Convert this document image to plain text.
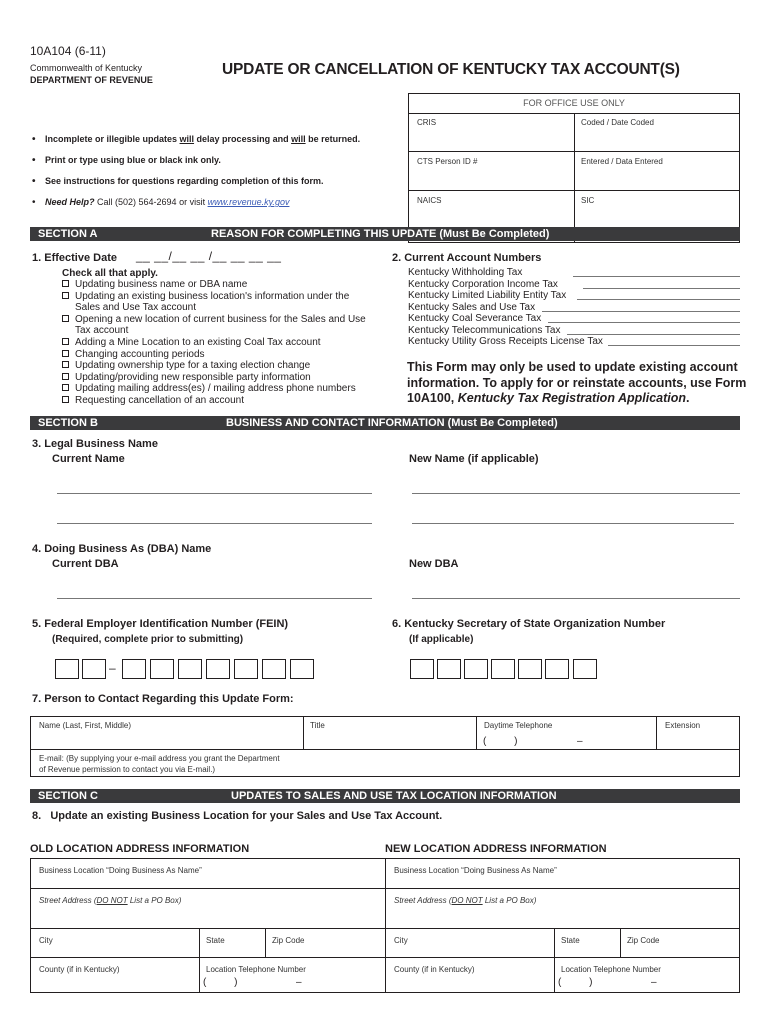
10A104 (6-11)
Commonwealth of Kentucky
DEPARTMENT OF REVENUE
UPDATE OR CANCELLATION OF KENTUCKY TAX ACCOUNT(S)
FOR OFFICE USE ONLY
CRIS	Coded / Date Coded
CTS Person ID #	Entered / Data Entered
NAICS	SIC
• Incomplete or illegible updates will delay processing and will be returned.
• Print or type using blue or black ink only.
• See instructions for questions regarding completion of this form.
• Need Help? Call (502) 564-2694 or visit www.revenue.ky.gov
SECTION A	REASON FOR COMPLETING THIS UPDATE (Must Be Completed)
1. Effective Date __ __/__ __ /__ __ __ __
Check all that apply.
Updating business name or DBA name
Updating an existing business location's information under the
Sales and Use Tax account
Opening a new location of current business for the Sales and Use
Tax account
Adding a Mine Location to an existing Coal Tax account
Changing accounting periods
Updating ownership type for a taxing election change
Updating/providing new responsible party information
Updating mailing address(es) / mailing address phone numbers
Requesting cancellation of an account
2. Current Account Numbers
Kentucky Withholding Tax
Kentucky Corporation Income Tax
Kentucky Limited Liability Entity Tax
Kentucky Sales and Use Tax
Kentucky Coal Severance Tax
Kentucky Telecommunications Tax
Kentucky Utility Gross Receipts License Tax
This Form may only be used to update existing account
information. To apply for or reinstate accounts, use Form
10A100, Kentucky Tax Registration Application.
SECTION B	BUSINESS AND CONTACT INFORMATION (Must Be Completed)
3. Legal Business Name
Current Name	New Name (if applicable)
4. Doing Business As (DBA) Name
Current DBA	New DBA
5. Federal Employer Identification Number (FEIN)
(Required, complete prior to submitting)
6. Kentucky Secretary of State Organization Number
(If applicable)
–
7. Person to Contact Regarding this Update Form:
Name (Last, First, Middle)	Title	Daytime Telephone	Extension
(          )	–
E-mail: (By supplying your e-mail address you grant the Department
of Revenue permission to contact you via E-mail.)
SECTION C	UPDATES TO SALES AND USE TAX LOCATION INFORMATION
8.   Update an existing Business Location for your Sales and Use Tax Account.
OLD LOCATION ADDRESS INFORMATION	NEW LOCATION ADDRESS INFORMATION
Business Location “Doing Business As Name”
Street Address (DO NOT List a PO Box)
City	State	Zip Code
County (if in Kentucky)	Location Telephone Number
(          )	–
Business Location “Doing Business As Name”
Street Address (DO NOT List a PO Box)
City	State	Zip Code
County (if in Kentucky)	Location Telephone Number
(          )	–
